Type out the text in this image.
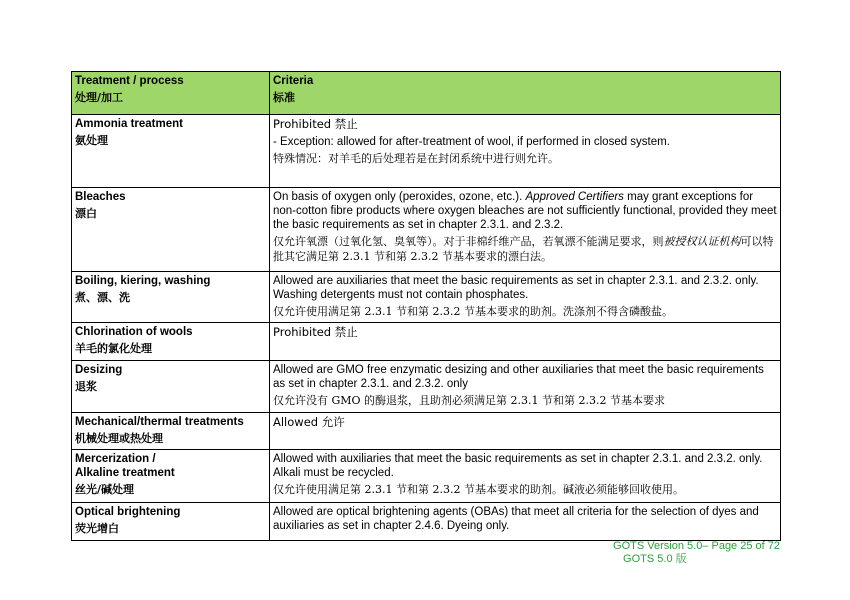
Treatment / process
处理/加工	Criteria
标准

Ammonia treatment
氨处理	Prohibited 禁止
- Exception: allowed for after-treatment of wool, if performed in closed system.
特殊情况：对羊毛的后处理若是在封闭系统中进行则允许。

Bleaches
漂白	On basis of oxygen only (peroxides, ozone, etc.). Approved Certifiers may grant exceptions for non-cotton fibre products where oxygen bleaches are not sufficiently functional, provided they meet the basic requirements as set in chapter 2.3.1. and 2.3.2.
仅允许氧漂（过氧化氢、臭氧等）。对于非棉纤维产品，若氧漂不能满足要求，则被授权认证机构可以特批其它满足第 2.3.1 节和第 2.3.2 节基本要求的漂白法。

Boiling, kiering, washing
煮、漂、洗	Allowed are auxiliaries that meet the basic requirements as set in chapter 2.3.1. and 2.3.2. only. Washing detergents must not contain phosphates.
仅允许使用满足第 2.3.1 节和第 2.3.2 节基本要求的助剂。洗涤剂不得含磷酸盐。

Chlorination of wools
羊毛的氯化处理	Prohibited 禁止

Desizing
退浆	Allowed are GMO free enzymatic desizing and other auxiliaries that meet the basic requirements as set in chapter 2.3.1. and 2.3.2. only
仅允许没有 GMO 的酶退浆，且助剂必须满足第 2.3.1 节和第 2.3.2 节基本要求

Mechanical/thermal treatments
机械处理或热处理	Allowed 允许

Mercerization /
Alkaline treatment
丝光/碱处理	Allowed with auxiliaries that meet the basic requirements as set in chapter 2.3.1. and 2.3.2. only. Alkali must be recycled.
仅允许使用满足第 2.3.1 节和第 2.3.2 节基本要求的助剂。碱液必须能够回收使用。

Optical brightening
荧光增白	Allowed are optical brightening agents (OBAs) that meet all criteria for the selection of dyes and auxiliaries as set in chapter 2.4.6. Dyeing only.
GOTS Version 5.0– Page 25 of 72
GOTS 5.0 版
